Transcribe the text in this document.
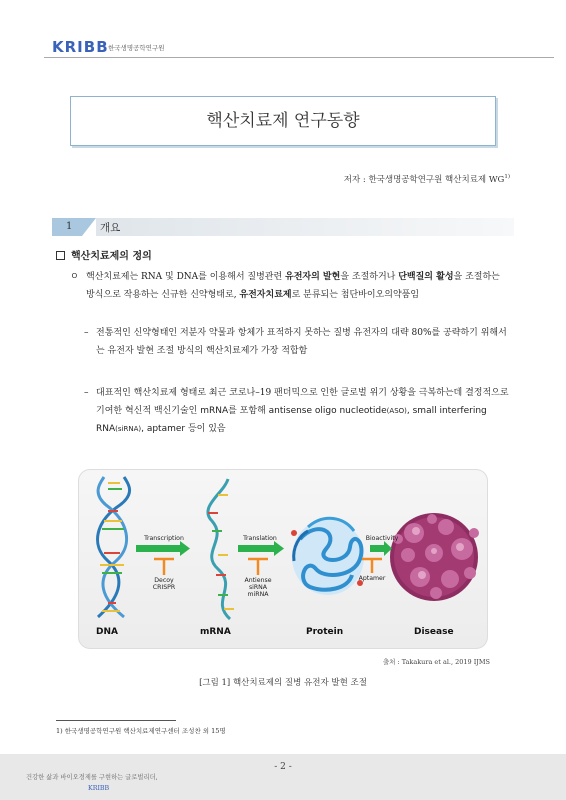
KRIBB 한국생명공학연구원
핵산치료제 연구동향
저자 : 한국생명공학연구원 핵산치료제 WG$^{1)}$
1	개요
핵산치료제의 정의
ㅇ 핵산치료제는 RNA 및 DNA를 이용해서 질병관련 유전자의 발현을 조절하거나 단백질의 활성을 조절하는 방식으로 작용하는 신규한 신약형태로, 유전자치료제로 분류되는 첨단바이오의약품임
– 전통적인 신약형태인 저분자 약물과 항체가 표적하지 못하는 질병 유전자의 대략 80%를 공략하기 위해서는 유전자 발현 조절 방식의 핵산치료제가 가장 적합함
– 대표적인 핵산치료제 형태로 최근 코로나–19 팬더믹으로 인한 글로벌 위기 상황을 극복하는데 결정적으로 기여한 혁신적 백신기술인 mRNA를 포함해 antisense oligo nucleotide(ASO), small interfering RNA(siRNA), aptamer 등이 있음
Transcription	Translation	Bioactivity
Decoy
CRISPR
Antiense
siRNA
miRNA
Aptamer
DNA	mRNA	Protein	Disease
출처 : Takakura et al., 2019 IJMS
[그림 1] 핵산치료제의 질병 유전자 발현 조절
1) 한국생명공학연구원 핵산치료제연구센터 조성찬 외 15명
- 2 -
건강한 삶과 바이오경제를 구현하는 글로벌리더,
KRIBB
